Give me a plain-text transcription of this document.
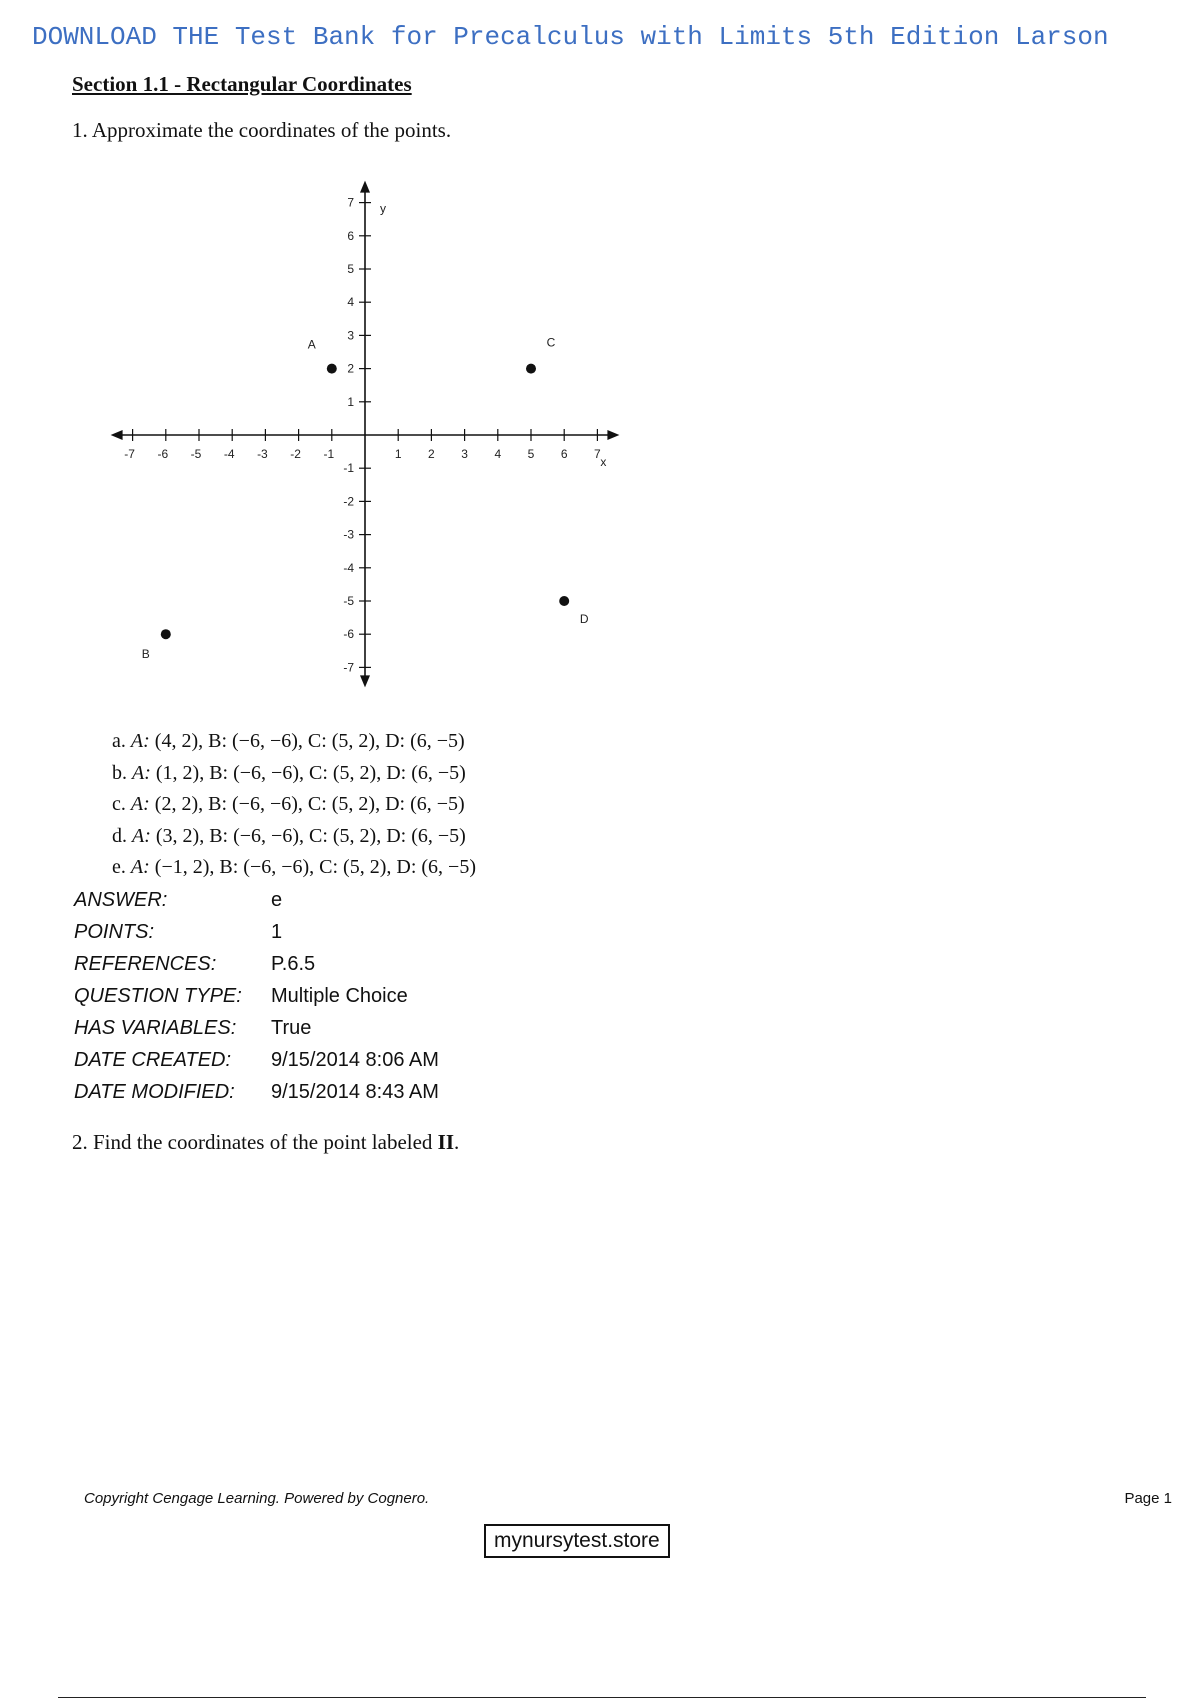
DOWNLOAD THE Test Bank for Precalculus with Limits 5th Edition Larson
Section 1.1 - Rectangular Coordinates

1. Approximate the coordinates of the points.

x
y
-7 -6 -5 -4 -3 -2 -1	1 2 3 4 5 6 7
-7
-6
-5
-4
-3
-2
-1
1
2
3
4
5
6
7
A
B
C
D
a. A: (4, 2), B: (−6, −6), C: (5, 2), D: (6, −5)
b. A: (1, 2), B: (−6, −6), C: (5, 2), D: (6, −5)
c. A: (2, 2), B: (−6, −6), C: (5, 2), D: (6, −5)
d. A: (3, 2), B: (−6, −6), C: (5, 2), D: (6, −5)
e. A: (−1, 2), B: (−6, −6), C: (5, 2), D: (6, −5)
ANSWER:	e
POINTS:	1
REFERENCES:	P.6.5
QUESTION TYPE: Multiple Choice
HAS VARIABLES: True
DATE CREATED: 9/15/2014 8:06 AM
DATE MODIFIED: 9/15/2014 8:43 AM

2. Find the coordinates of the point labeled II.

Copyright Cengage Learning. Powered by Cognero.	Page 1
mynursytest.store
